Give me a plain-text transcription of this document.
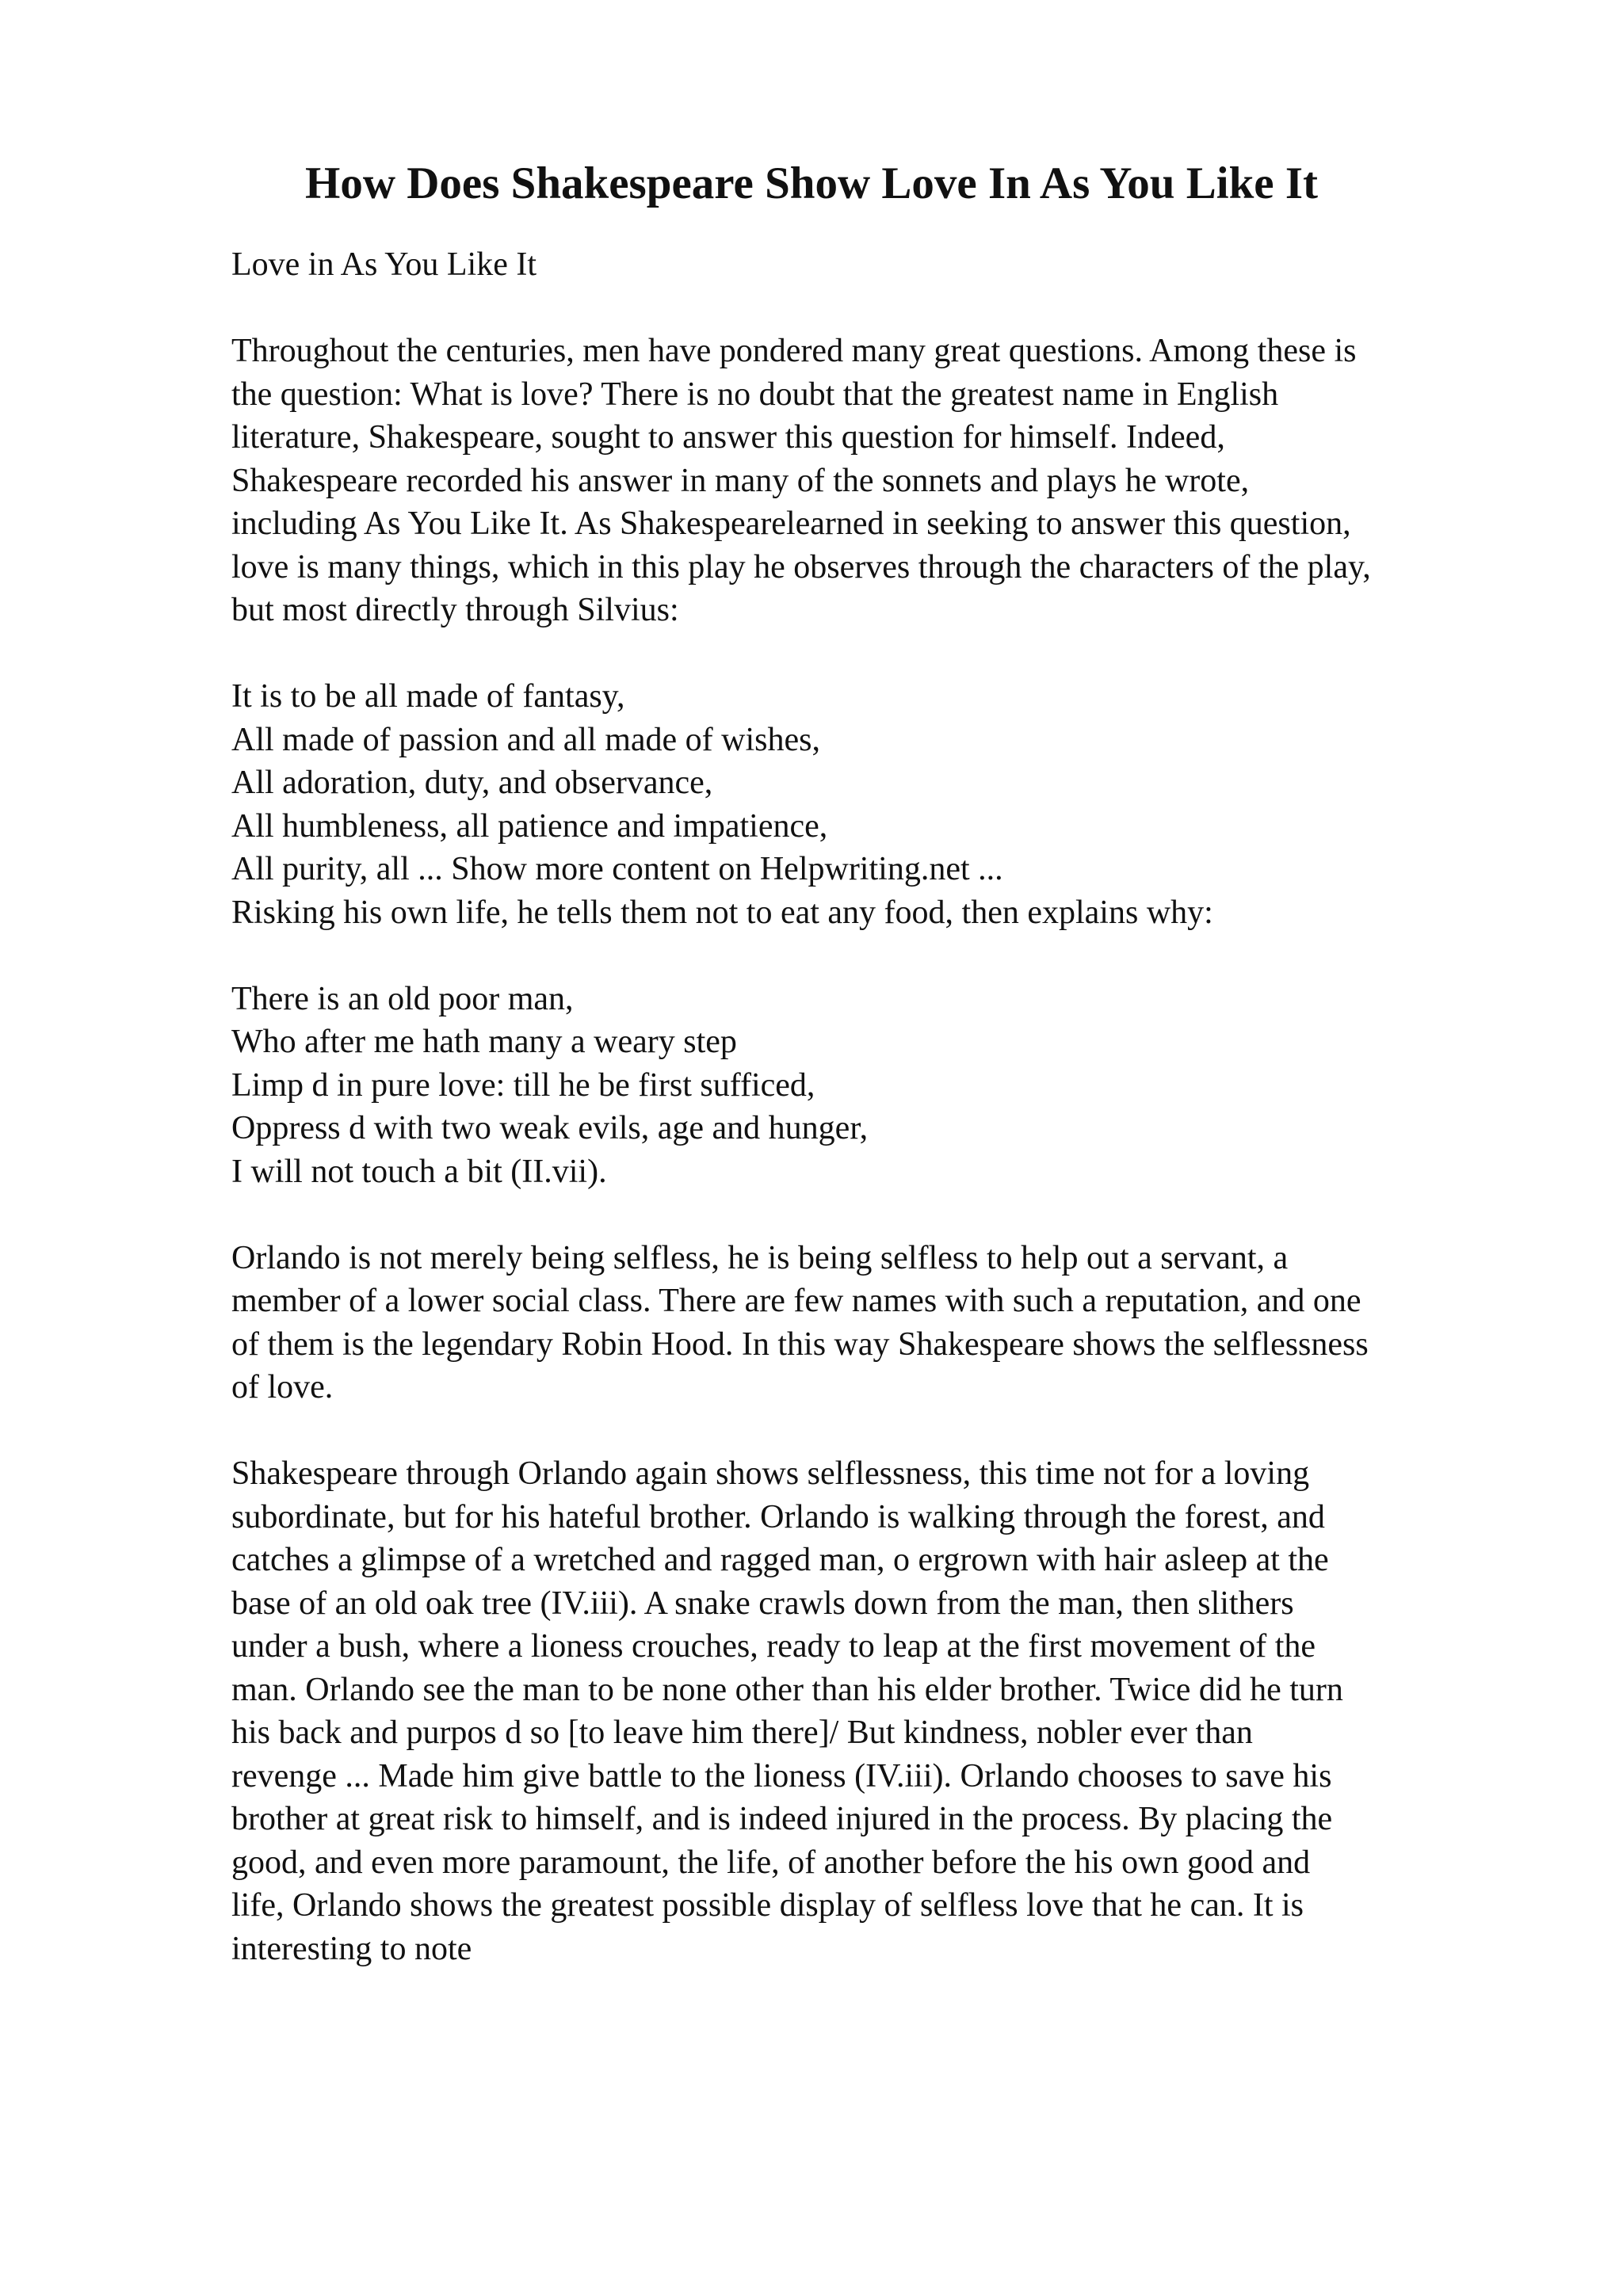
How Does Shakespeare Show Love In As You Like It

Love in As You Like It

Throughout the centuries, men have pondered many great questions. Among these is
the question: What is love? There is no doubt that the greatest name in English
literature, Shakespeare, sought to answer this question for himself. Indeed,
Shakespeare recorded his answer in many of the sonnets and plays he wrote,
including As You Like It. As Shakespearelearned in seeking to answer this question,
love is many things, which in this play he observes through the characters of the play,
but most directly through Silvius:

It is to be all made of fantasy,
All made of passion and all made of wishes,
All adoration, duty, and observance,
All humbleness, all patience and impatience,
All purity, all ... Show more content on Helpwriting.net ...
Risking his own life, he tells them not to eat any food, then explains why:

There is an old poor man,
Who after me hath many a weary step
Limp d in pure love: till he be first sufficed,
Oppress d with two weak evils, age and hunger,
I will not touch a bit (II.vii).

Orlando is not merely being selfless, he is being selfless to help out a servant, a
member of a lower social class. There are few names with such a reputation, and one
of them is the legendary Robin Hood. In this way Shakespeare shows the selflessness
of love.

Shakespeare through Orlando again shows selflessness, this time not for a loving
subordinate, but for his hateful brother. Orlando is walking through the forest, and
catches a glimpse of a wretched and ragged man, o ergrown with hair asleep at the
base of an old oak tree (IV.iii). A snake crawls down from the man, then slithers
under a bush, where a lioness crouches, ready to leap at the first movement of the
man. Orlando see the man to be none other than his elder brother. Twice did he turn
his back and purpos d so [to leave him there]/ But kindness, nobler ever than
revenge ... Made him give battle to the lioness (IV.iii). Orlando chooses to save his
brother at great risk to himself, and is indeed injured in the process. By placing the
good, and even more paramount, the life, of another before the his own good and
life, Orlando shows the greatest possible display of selfless love that he can. It is
interesting to note
